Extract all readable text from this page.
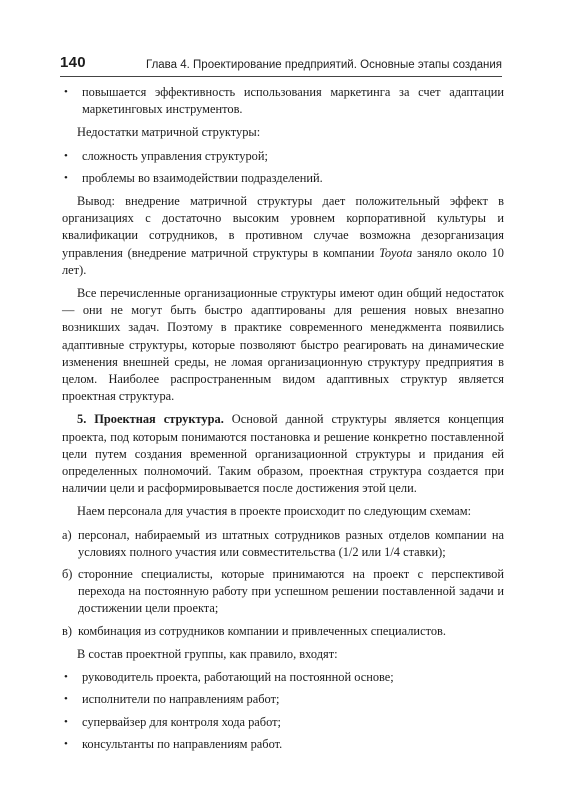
140	Глава 4. Проектирование предприятий. Основные этапы создания
• повышается эффективность использования маркетинга за счет адаптации маркетинговых инструментов.

Недостатки матричной структуры:

• сложность управления структурой;
• проблемы во взаимодействии подразделений.

Вывод: внедрение матричной структуры дает положительный эффект в организациях с достаточно высоким уровнем корпоративной культуры и квалификации сотрудников, в противном случае возможна дезорганизация управления (внедрение матричной структуры в компании Toyota заняло около 10 лет).

Все перечисленные организационные структуры имеют один общий недостаток — они не могут быть быстро адаптированы для решения новых внезапно возникших задач. Поэтому в практике современного менеджмента появились адаптивные структуры, которые позволяют быстро реагировать на динамические изменения внешней среды, не ломая организационную структуру предприятия в целом. Наиболее распространенным видом адаптивных структур является проектная структура.

5. Проектная структура. Основой данной структуры является концепция проекта, под которым понимаются постановка и решение конкретно поставленной цели путем создания временной организационной структуры и придания ей определенных полномочий. Таким образом, проектная структура создается при наличии цели и расформировывается после достижения этой цели.

Наем персонала для участия в проекте происходит по следующим схемам:

а) персонал, набираемый из штатных сотрудников разных отделов компании на условиях полного участия или совместительства (1/2 или 1/4 ставки);
б) сторонние специалисты, которые принимаются на проект с перспективой перехода на постоянную работу при успешном решении поставленной задачи и достижении цели проекта;
в) комбинация из сотрудников компании и привлеченных специалистов.

В состав проектной группы, как правило, входят:

• руководитель проекта, работающий на постоянной основе;
• исполнители по направлениям работ;
• супервайзер для контроля хода работ;
• консультанты по направлениям работ.
